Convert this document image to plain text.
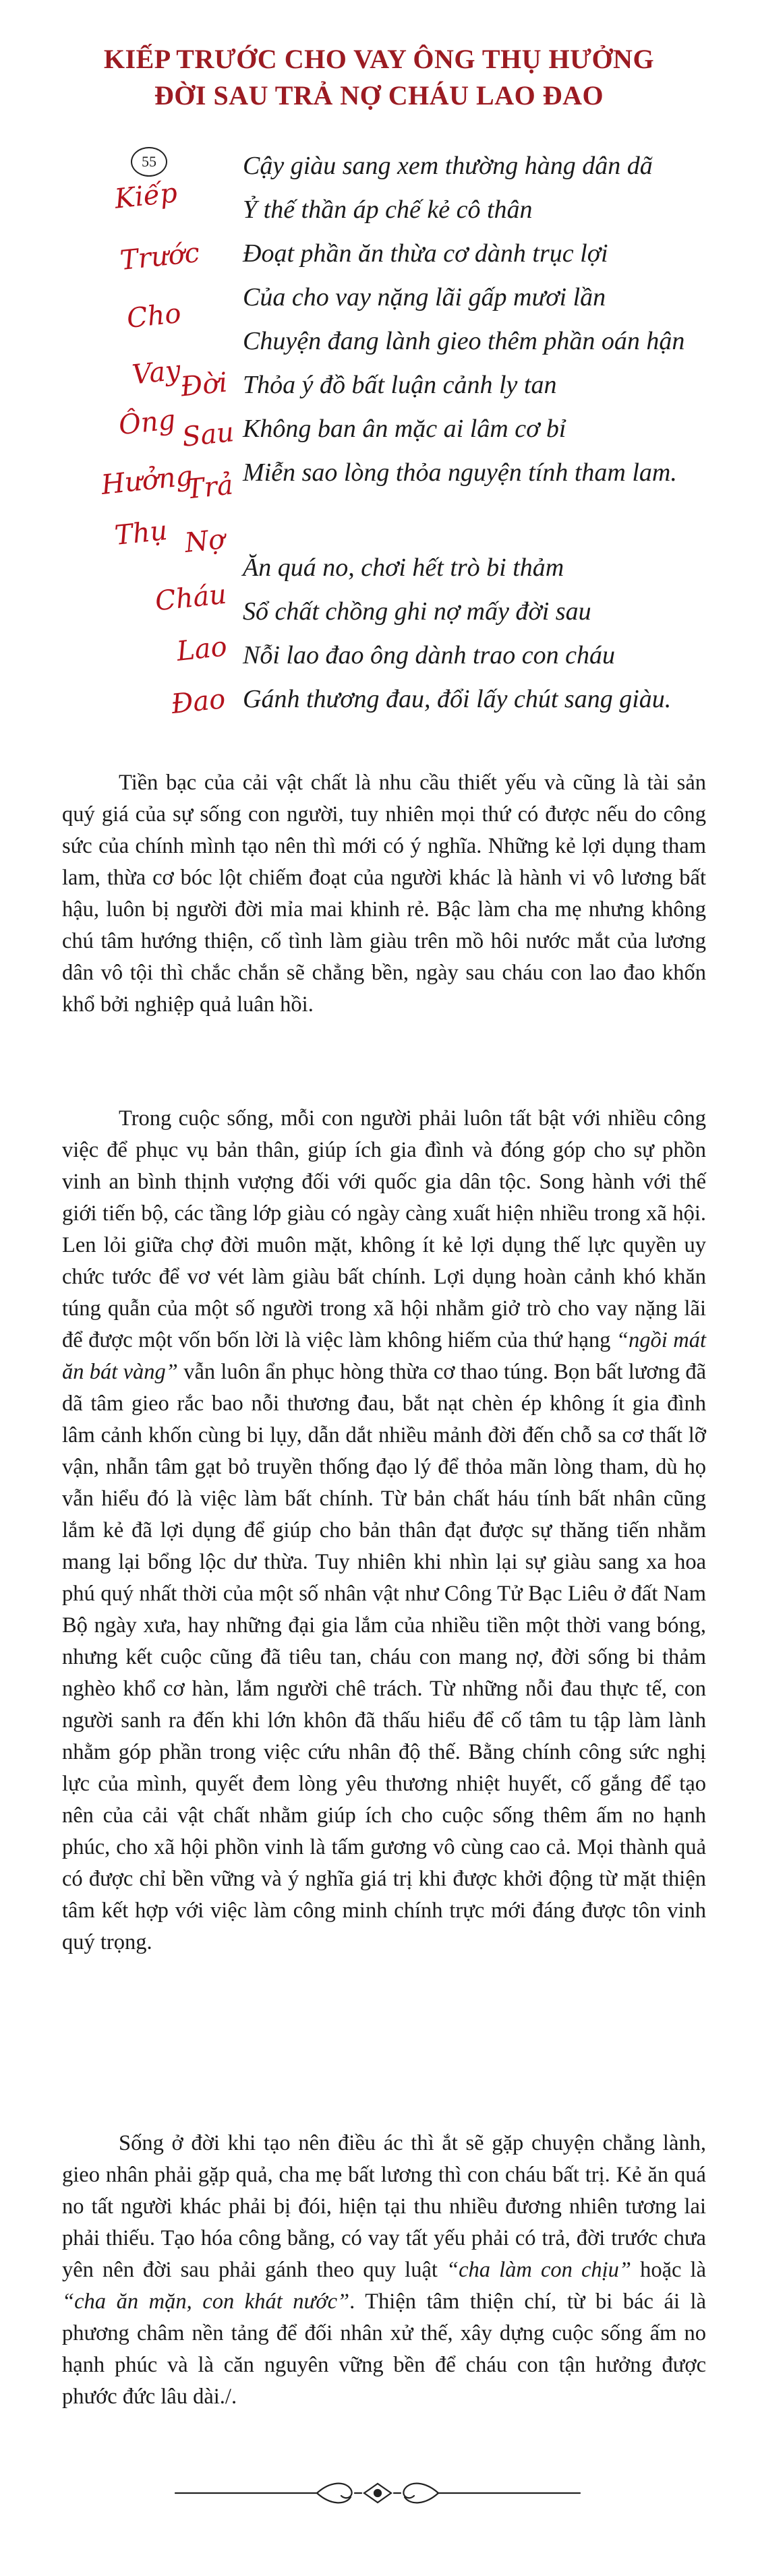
KIẾP TRƯỚC CHO VAY ÔNG THỤ HƯỞNG
ĐỜI SAU TRẢ NỢ CHÁU LAO ĐAO
55
Kiếp
Trước
Cho
Vay
Ông
Hưởng
Thụ
Đời
Sau
Trả
Nợ
Cháu
Lao
Đao
Cậy giàu sang xem thường hàng dân dã
Ỷ thế thần áp chế kẻ cô thân
Đoạt phần ăn thừa cơ dành trục lợi
Của cho vay nặng lãi gấp mươi lần
Chuyện đang lành gieo thêm phần oán hận
Thỏa ý đồ bất luận cảnh ly tan
Không ban ân mặc ai lâm cơ bỉ
Miễn sao lòng thỏa nguyện tính tham lam.
Ăn quá no, chơi hết trò bi thảm
Sổ chất chồng ghi nợ mấy đời sau
Nỗi lao đao ông dành trao con cháu
Gánh thương đau, đổi lấy chút sang giàu.

Tiền bạc của cải vật chất là nhu cầu thiết yếu và cũng là tài sản quý giá của sự sống con người, tuy nhiên mọi thứ có được nếu do công sức của chính mình tạo nên thì mới có ý nghĩa. Những kẻ lợi dụng tham lam, thừa cơ bóc lột chiếm đoạt của người khác là hành vi vô lương bất hậu, luôn bị người đời mỉa mai khinh rẻ. Bậc làm cha mẹ nhưng không chú tâm hướng thiện, cố tình làm giàu trên mồ hôi nước mắt của lương dân vô tội thì chắc chắn sẽ chẳng bền, ngày sau cháu con lao đao khốn khổ bởi nghiệp quả luân hồi.

Trong cuộc sống, mỗi con người phải luôn tất bật với nhiều công việc để phục vụ bản thân, giúp ích gia đình và đóng góp cho sự phồn vinh an bình thịnh vượng đối với quốc gia dân tộc. Song hành với thế giới tiến bộ, các tầng lớp giàu có ngày càng xuất hiện nhiều trong xã hội. Len lỏi giữa chợ đời muôn mặt, không ít kẻ lợi dụng thế lực quyền uy chức tước để vơ vét làm giàu bất chính. Lợi dụng hoàn cảnh khó khăn túng quẫn của một số người trong xã hội nhằm giở trò cho vay nặng lãi để được một vốn bốn lời là việc làm không hiếm của thứ hạng “ngồi mát ăn bát vàng” vẫn luôn ẩn phục hòng thừa cơ thao túng. Bọn bất lương đã dã tâm gieo rắc bao nỗi thương đau, bắt nạt chèn ép không ít gia đình lâm cảnh khốn cùng bi lụy, dẫn dắt nhiều mảnh đời đến chỗ sa cơ thất lỡ vận, nhẫn tâm gạt bỏ truyền thống đạo lý để thỏa mãn lòng tham, dù họ vẫn hiểu đó là việc làm bất chính. Từ bản chất háu tính bất nhân cũng lắm kẻ đã lợi dụng để giúp cho bản thân đạt được sự thăng tiến nhằm mang lại bổng lộc dư thừa. Tuy nhiên khi nhìn lại sự giàu sang xa hoa phú quý nhất thời của một số nhân vật như Công Tử Bạc Liêu ở đất Nam Bộ ngày xưa, hay những đại gia lắm của nhiều tiền một thời vang bóng, nhưng kết cuộc cũng đã tiêu tan, cháu con mang nợ, đời sống bi thảm nghèo khổ cơ hàn, lắm người chê trách. Từ những nỗi đau thực tế, con người sanh ra đến khi lớn khôn đã thấu hiểu để cố tâm tu tập làm lành nhằm góp phần trong việc cứu nhân độ thế. Bằng chính công sức nghị lực của mình, quyết đem lòng yêu thương nhiệt huyết, cố gắng để tạo nên của cải vật chất nhằm giúp ích cho cuộc sống thêm ấm no hạnh phúc, cho xã hội phồn vinh là tấm gương vô cùng cao cả. Mọi thành quả có được chỉ bền vững và ý nghĩa giá trị khi được khởi động từ mặt thiện tâm kết hợp với việc làm công minh chính trực mới đáng được tôn vinh quý trọng.

Sống ở đời khi tạo nên điều ác thì ắt sẽ gặp chuyện chẳng lành, gieo nhân phải gặp quả, cha mẹ bất lương thì con cháu bất trị. Kẻ ăn quá no tất người khác phải bị đói, hiện tại thu nhiều đương nhiên tương lai phải thiếu. Tạo hóa công bằng, có vay tất yếu phải có trả, đời trước chưa yên nên đời sau phải gánh theo quy luật “cha làm con chịu” hoặc là “cha ăn mặn, con khát nước”. Thiện tâm thiện chí, từ bi bác ái là phương châm nền tảng để đối nhân xử thế, xây dựng cuộc sống ấm no hạnh phúc và là căn nguyên vững bền để cháu con tận hưởng được phước đức lâu dài./.
